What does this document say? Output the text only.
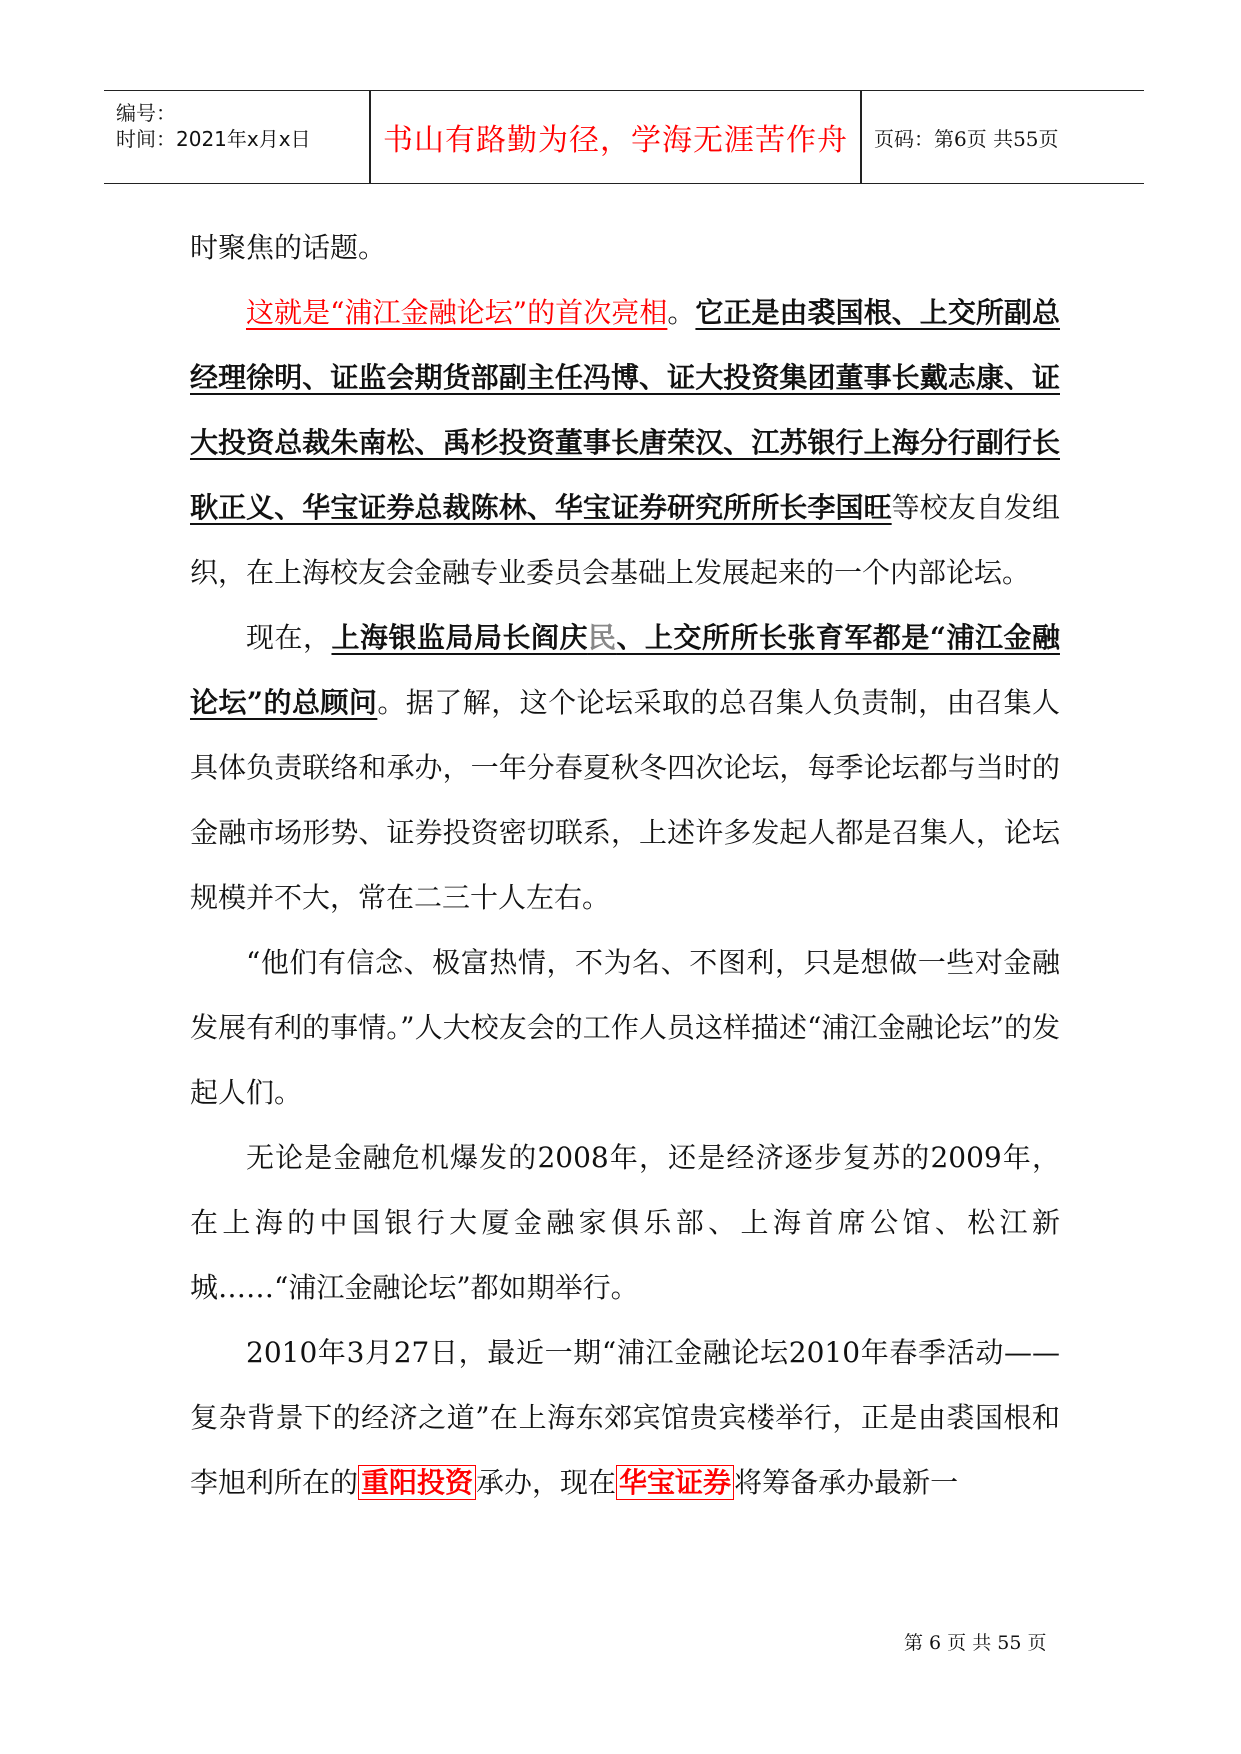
编号：
时间：2021年x月x日	书山有路勤为径，学海无涯苦作舟	页码：第6页 共55页

时聚焦的话题。

这就是“浦江金融论坛”的首次亮相。它正是由裘国根、上交所副总经理徐明、证监会期货部副主任冯博、证大投资集团董事长戴志康、证大投资总裁朱南松、禹杉投资董事长唐荣汉、江苏银行上海分行副行长耿正义、华宝证券总裁陈林、华宝证券研究所所长李国旺等校友自发组织，在上海校友会金融专业委员会基础上发展起来的一个内部论坛。

现在，上海银监局局长阎庆民、上交所所长张育军都是“浦江金融论坛”的总顾问。据了解，这个论坛采取的总召集人负责制，由召集人具体负责联络和承办，一年分春夏秋冬四次论坛，每季论坛都与当时的金融市场形势、证券投资密切联系，上述许多发起人都是召集人，论坛规模并不大，常在二三十人左右。

“他们有信念、极富热情，不为名、不图利，只是想做一些对金融发展有利的事情。”人大校友会的工作人员这样描述“浦江金融论坛”的发起人们。

无论是金融危机爆发的2008年，还是经济逐步复苏的2009年，在上海的中国银行大厦金融家俱乐部、上海首席公馆、松江新城……“浦江金融论坛”都如期举行。

2010年3月27日，最近一期“浦江金融论坛2010年春季活动——复杂背景下的经济之道”在上海东郊宾馆贵宾楼举行，正是由裘国根和李旭利所在的 重阳投资 承办，现在 华宝证券 将筹备承办最新一

第 6 页 共 55 页
